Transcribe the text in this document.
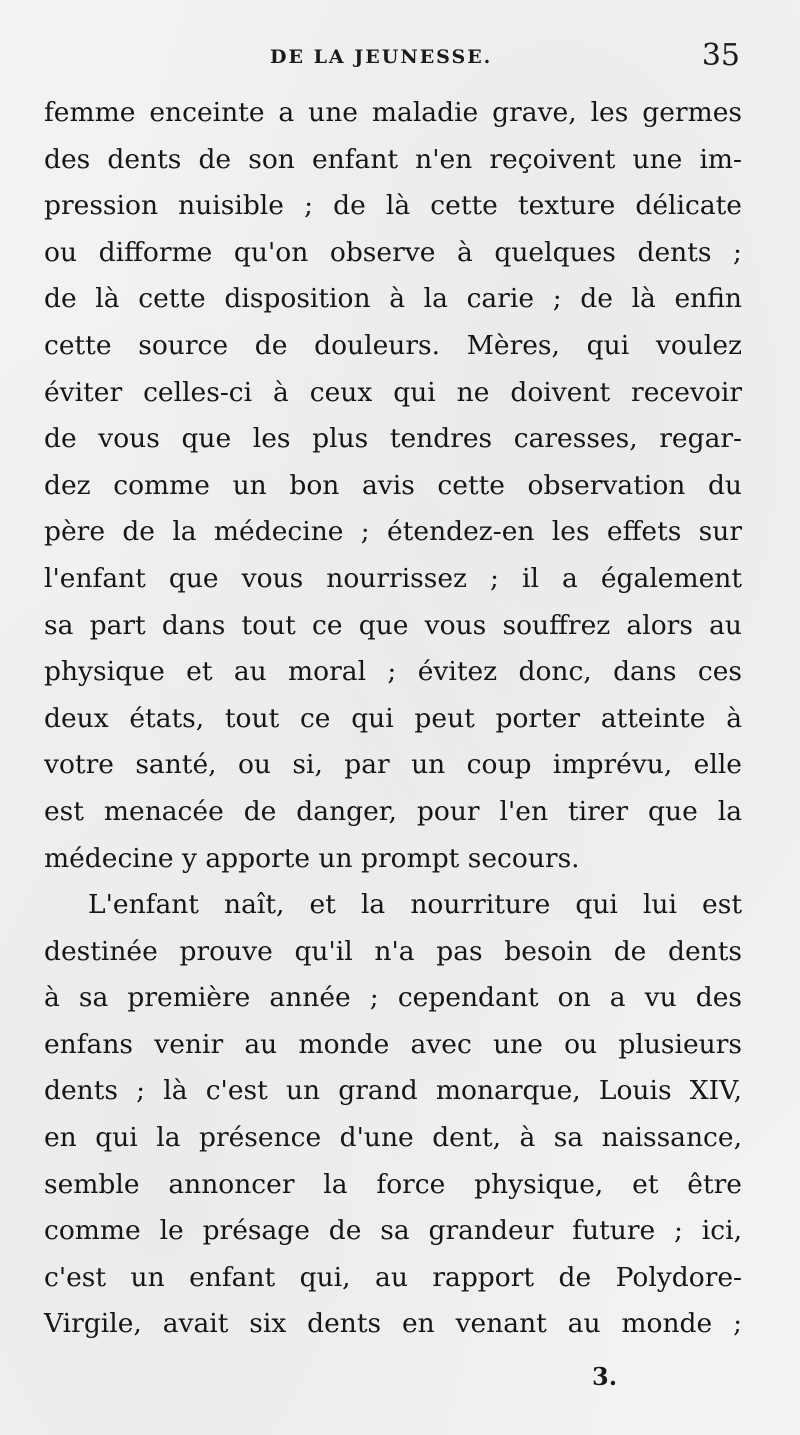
DE LA JEUNESSE.	35
femme enceinte a une maladie grave, les germes
des dents de son enfant n'en reçoivent une im-
pression nuisible ; de là cette texture délicate
ou difforme qu'on observe à quelques dents ;
de là cette disposition à la carie ; de là enfin
cette source de douleurs. Mères, qui voulez
éviter celles-ci à ceux qui ne doivent recevoir
de vous que les plus tendres caresses, regar-
dez comme un bon avis cette observation du
père de la médecine ; étendez-en les effets sur
l'enfant que vous nourrissez ; il a également
sa part dans tout ce que vous souffrez alors au
physique et au moral ; évitez donc, dans ces
deux états, tout ce qui peut porter atteinte à
votre santé, ou si, par un coup imprévu, elle
est menacée de danger, pour l'en tirer que la
médecine y apporte un prompt secours.
L'enfant naît, et la nourriture qui lui est
destinée prouve qu'il n'a pas besoin de dents
à sa première année ; cependant on a vu des
enfans venir au monde avec une ou plusieurs
dents ; là c'est un grand monarque, Louis XIV,
en qui la présence d'une dent, à sa naissance,
semble annoncer la force physique, et être
comme le présage de sa grandeur future ; ici,
c'est un enfant qui, au rapport de Polydore-
Virgile, avait six dents en venant au monde ;
3.
